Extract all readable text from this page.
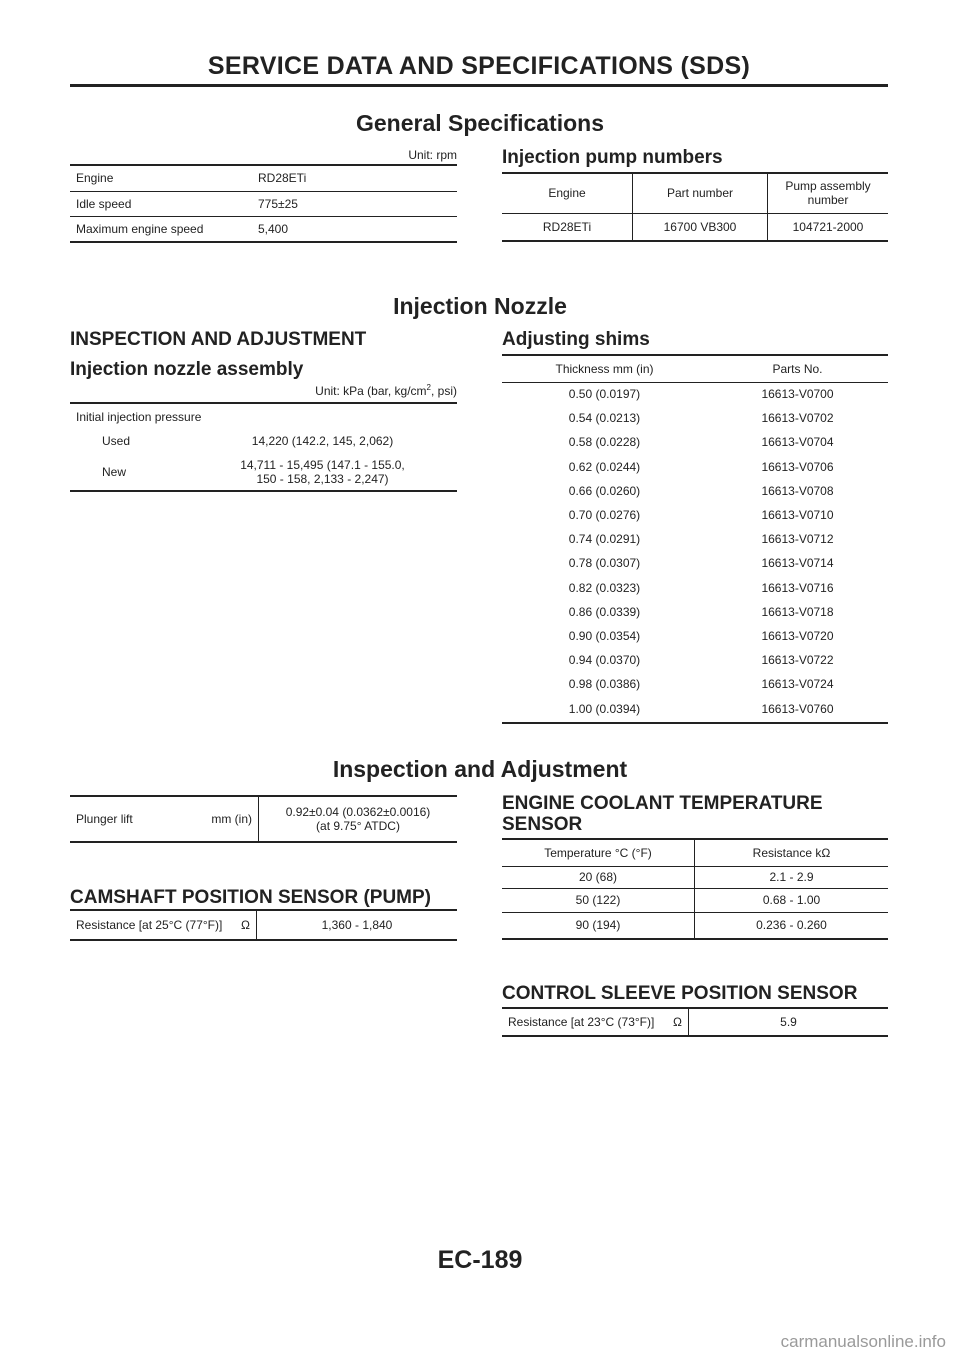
SERVICE DATA AND SPECIFICATIONS (SDS)
General Specifications
Unit: rpm
Engine	RD28ETi
Idle speed	775±25
Maximum engine speed	5,400
Injection pump numbers
Engine	Part number	Pump assembly number
RD28ETi	16700 VB300	104721-2000
Injection Nozzle
INSPECTION AND ADJUSTMENT
Injection nozzle assembly
Unit: kPa (bar, $kg/cm^2$, psi)
Initial injection pressure	
Used	14,220 (142.2, 145, 2,062)
New	14,711 - 15,495 (147.1 - 155.0,
150 - 158, 2,133 - 2,247)
Adjusting shims
Thickness mm (in)	Parts No.
0.50 (0.0197)	16613-V0700
0.54 (0.0213)	16613-V0702
0.58 (0.0228)	16613-V0704
0.62 (0.0244)	16613-V0706
0.66 (0.0260)	16613-V0708
0.70 (0.0276)	16613-V0710
0.74 (0.0291)	16613-V0712
0.78 (0.0307)	16613-V0714
0.82 (0.0323)	16613-V0716
0.86 (0.0339)	16613-V0718
0.90 (0.0354)	16613-V0720
0.94 (0.0370)	16613-V0722
0.98 (0.0386)	16613-V0724
1.00 (0.0394)	16613-V0760
Inspection and Adjustment
Plunger lift	mm (in)	0.92±0.04 (0.0362±0.0016)
(at 9.75° ATDC)
CAMSHAFT POSITION SENSOR (PUMP)
Resistance [at 25°C (77°F)]	Ω	1,360 - 1,840
ENGINE COOLANT TEMPERATURE
SENSOR
Temperature °C (°F)	Resistance kΩ
20 (68)	2.1 - 2.9
50 (122)	0.68 - 1.00
90 (194)	0.236 - 0.260
CONTROL SLEEVE POSITION SENSOR
Resistance [at 23°C (73°F)]	Ω	5.9
EC-189
carmanualsonline.info
